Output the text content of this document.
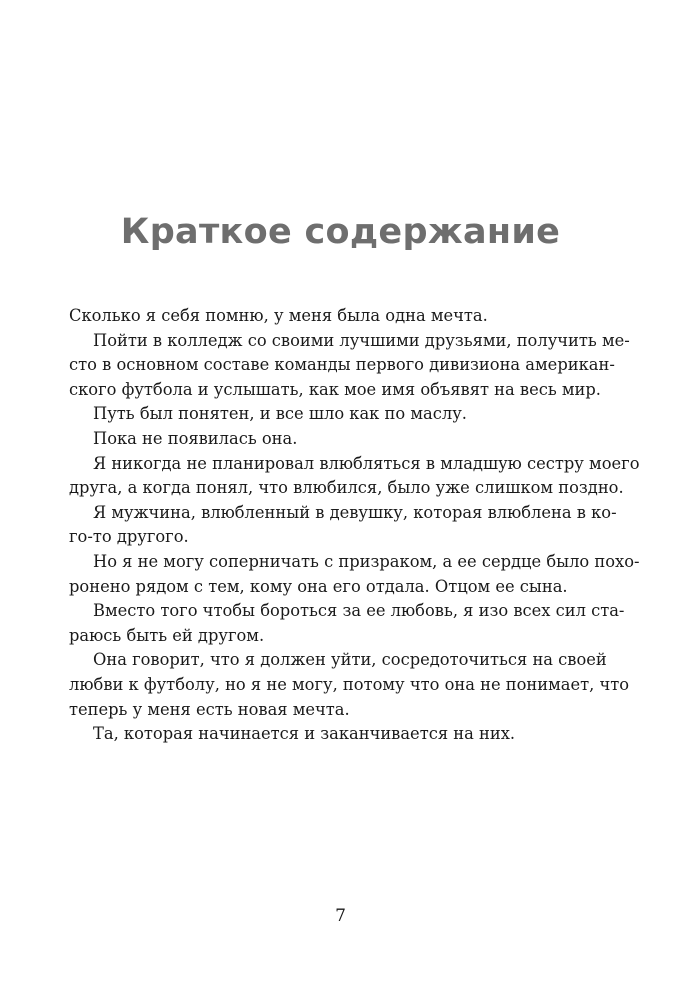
Краткое содержание
Сколько я себя помню, у меня была одна мечта.
Пойти в колледж со своими лучшими друзьями, получить ме-
сто в основном составе команды первого дивизиона американ-
ского футбола и услышать, как мое имя объявят на весь мир.
Путь был понятен, и все шло как по маслу.
Пока не появилась она.
Я никогда не планировал влюбляться в младшую сестру моего
друга, а когда понял, что влюбился, было уже слишком поздно.
Я мужчина, влюбленный в девушку, которая влюблена в ко-
го-то другого.
Но я не могу соперничать с призраком, а ее сердце было похо-
ронено рядом с тем, кому она его отдала. Отцом ее сына.
Вместо того чтобы бороться за ее любовь, я изо всех сил ста-
раюсь быть ей другом.
Она говорит, что я должен уйти, сосредоточиться на своей
любви к футболу, но я не могу, потому что она не понимает, что
теперь у меня есть новая мечта.
Та, которая начинается и заканчивается на них.
7
